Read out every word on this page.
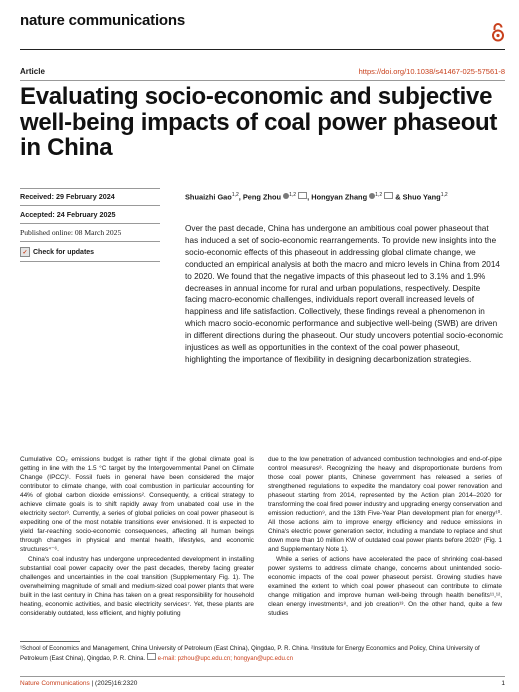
nature communications
Article	https://doi.org/10.1038/s41467-025-57561-8
Evaluating socio-economic and subjective well-being impacts of coal power phaseout in China
Received: 29 February 2024
Accepted: 24 February 2025
Published online: 08 March 2025
✓ Check for updates
Shuaizhi Gao$^{1,2}$, Peng Zhou $^{1,2}$ , Hongyan Zhang $^{1,2}$  & Shuo Yang$^{1,2}$
Over the past decade, China has undergone an ambitious coal power phaseout that has induced a set of socio-economic rearrangements. To provide new insights into the socio-economic effects of this phaseout in addressing global climate change, we conducted an empirical analysis at both the macro and micro levels in China from 2014 to 2020. We found that the negative impacts of this phaseout led to 3.1% and 1.9% decreases in annual income for rural and urban populations, respectively. Despite facing macro-economic challenges, individuals report overall increased levels of happiness and life satisfaction. Collectively, these findings reveal a phenomenon in which macro socio-economic performance and subjective well-being (SWB) are driven in different directions during the phaseout. Our study uncovers potential socio-economic injustices as well as opportunities in the context of the coal power phaseout, highlighting the importance of flexibility in designing decarbonization strategies.

Cumulative CO₂ emissions budget is rather tight if the global climate goal is getting in line with the 1.5 °C target by the Intergovernmental Panel on Climate Change (IPCC)¹. Fossil fuels in general have been considered the major contributor to climate change, with coal combustion in particular accounting for 44% of global carbon dioxide emissions². Consequently, a critical strategy to achieve climate goals is to shift rapidly away from unabated coal use in the electricity sector³. Currently, a series of global policies on coal power phaseout is expediting one of the most notable transitions ever envisioned. It is expected to yield far-reaching socio-economic consequences, affecting all human beings through changes in physical and mental health, lifestyles, and economic structures⁴⁻⁶.

China's coal industry has undergone unprecedented development in installing substantial coal power capacity over the past decades, thereby facing greater challenges and uncertainties in the coal transition (Supplementary Fig. 1). The overwhelming magnitude of small and medium-sized coal power plants that were built in the last century in China has taken on a great responsibility for household heating, economic activities, and basic electricity services⁷. Yet, these plants are considerably outdated, less efficient, and highly polluting

due to the low penetration of advanced combustion technologies and end-of-pipe control measures⁸. Recognizing the heavy and disproportionate burdens from those coal power plants, Chinese government has released a series of strengthened regulations to expedite the mandatory coal power renovation and phaseout starting from 2014, represented by the Action plan 2014–2020 for transforming the coal fired power industry and upgrading energy conservation and emission reduction⁹, and the 13th Five-Year Plan development plan for energy¹⁰. All those actions aim to improve energy efficiency and reduce emissions in China's electric power generation sector, including a mandate to replace and shut down more than 10 million KW of outdated coal power plants before 2020⁷ (Fig. 1 and Supplementary Note 1).

While a series of actions have accelerated the pace of shrinking coal-based power systems to address climate change, concerns about unintended socio-economic impacts of the coal power phaseout persist. Growing studies have examined the extent to which coal power phaseout can contribute to climate change mitigation and improve human well-being through health benefits¹¹,¹², clean energy investments⁸, and job creation¹³. On the other hand, quite a few studies

¹School of Economics and Management, China University of Petroleum (East China), Qingdao, P. R. China. ²Institute for Energy Economics and Policy, China University of Petroleum (East China), Qingdao, P. R. China. e-mail: pzhou@upc.edu.cn; hongyan@upc.edu.cn
Nature Communications | (2025)16:2320	1
